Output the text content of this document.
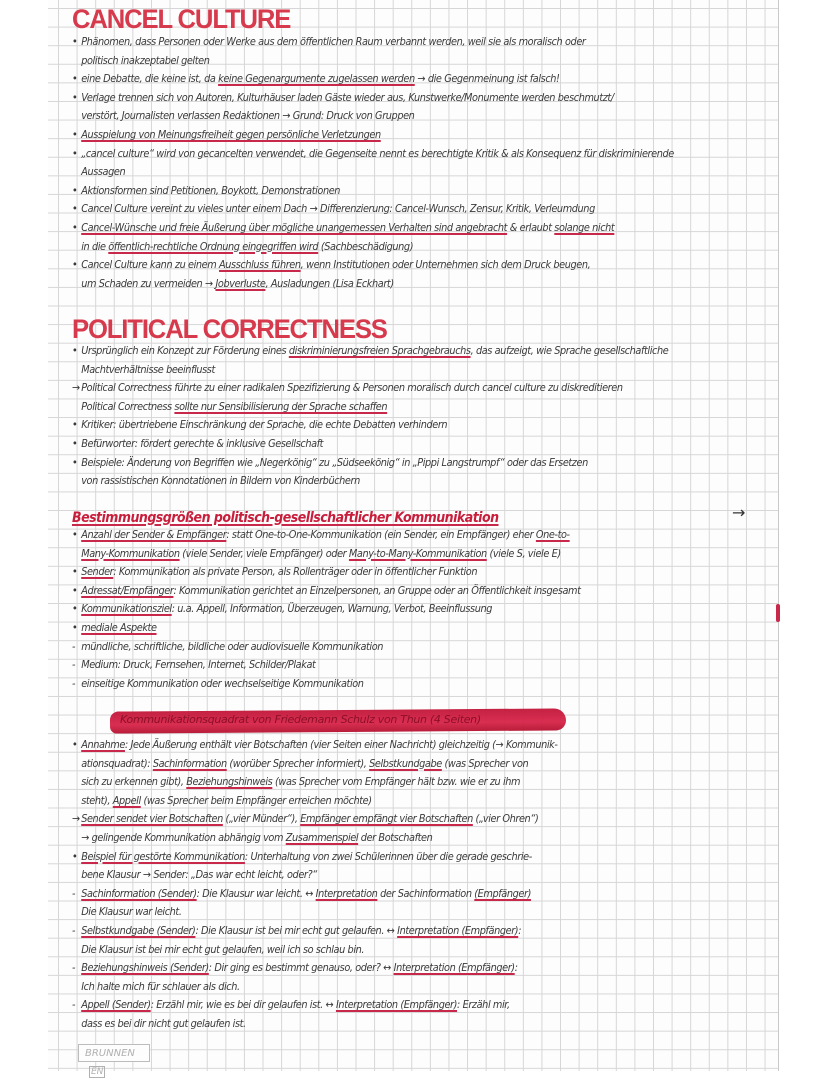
CANCEL CULTURE
• Phänomen, dass Personen oder Werke aus dem öffentlichen Raum verbannt werden, weil sie als moralisch oder
politisch inakzeptabel gelten
• eine Debatte, die keine ist, da keine Gegenargumente zugelassen werden → die Gegenmeinung ist falsch!
• Verlage trennen sich von Autoren, Kulturhäuser laden Gäste wieder aus, Kunstwerke/Monumente werden beschmutzt/
verstört, Journalisten verlassen Redaktionen → Grund: Druck von Gruppen
• Ausspielung von Meinungsfreiheit gegen persönliche Verletzungen
• „cancel culture“ wird von gecancelten verwendet, die Gegenseite nennt es berechtigte Kritik & als Konsequenz für diskriminierende
Aussagen
• Aktionsformen sind Petitionen, Boykott, Demonstrationen
• Cancel Culture vereint zu vieles unter einem Dach → Differenzierung: Cancel-Wunsch, Zensur, Kritik, Verleumdung
• Cancel-Wünsche und freie Äußerung über mögliche unangemessen Verhalten sind angebracht & erlaubt solange nicht
in die öffentlich-rechtliche Ordnung eingegriffen wird (Sachbeschädigung)
• Cancel Culture kann zu einem Ausschluss führen, wenn Institutionen oder Unternehmen sich dem Druck beugen,
um Schaden zu vermeiden → Jobverluste, Ausladungen (Lisa Eckhart)
POLITICAL CORRECTNESS
• Ursprünglich ein Konzept zur Förderung eines diskriminierungsfreien Sprachgebrauchs, das aufzeigt, wie Sprache gesellschaftliche
Machtverhältnisse beeinflusst
→Political Correctness führte zu einer radikalen Spezifizierung & Personen moralisch durch cancel culture zu diskreditieren
Political Correctness sollte nur Sensibilisierung der Sprache schaffen
• Kritiker: übertriebene Einschränkung der Sprache, die echte Debatten verhindern
• Befürworter: fördert gerechte & inklusive Gesellschaft
• Beispiele: Änderung von Begriffen wie „Negerkönig“ zu „Südseekönig“ in „Pippi Langstrumpf“ oder das Ersetzen
von rassistischen Konnotationen in Bildern von Kinderbüchern
Bestimmungsgrößen politisch-gesellschaftlicher Kommunikation	→
• Anzahl der Sender & Empfänger: statt One-to-One-Kommunikation (ein Sender, ein Empfänger) eher One-to-
Many-Kommunikation (viele Sender, viele Empfänger) oder Many-to-Many-Kommunikation (viele S, viele E)
• Sender: Kommunikation als private Person, als Rollenträger oder in öffentlicher Funktion
• Adressat/Empfänger: Kommunikation gerichtet an Einzelpersonen, an Gruppe oder an Öffentlichkeit insgesamt
• Kommunikationsziel: u.a. Appell, Information, Überzeugen, Warnung, Verbot, Beeinflussung
• mediale Aspekte
- mündliche, schriftliche, bildliche oder audiovisuelle Kommunikation
- Medium: Druck, Fernsehen, Internet, Schilder/Plakat
- einseitige Kommunikation oder wechselseitige Kommunikation
• Annahme: Jede Äußerung enthält vier Botschaften (vier Seiten einer Nachricht) gleichzeitig (→ Kommunik-
ationsquadrat): Sachinformation (worüber Sprecher informiert), Selbstkundgabe (was Sprecher von
sich zu erkennen gibt), Beziehungshinweis (was Sprecher vom Empfänger hält bzw. wie er zu ihm
steht), Appell (was Sprecher beim Empfänger erreichen möchte)
→Sender sendet vier Botschaften („vier Münder“), Empfänger empfängt vier Botschaften („vier Ohren“)
→ gelingende Kommunikation abhängig vom Zusammenspiel der Botschaften
• Beispiel für gestörte Kommunikation: Unterhaltung von zwei Schülerinnen über die gerade geschrie-
bene Klausur → Sender: „Das war echt leicht, oder?“
- Sachinformation (Sender): Die Klausur war leicht. ↔ Interpretation der Sachinformation (Empfänger)
Die Klausur war leicht.
- Selbstkundgabe (Sender): Die Klausur ist bei mir echt gut gelaufen. ↔ Interpretation (Empfänger):
Die Klausur ist bei mir echt gut gelaufen, weil ich so schlau bin.
- Beziehungshinweis (Sender): Dir ging es bestimmt genauso, oder? ↔ Interpretation (Empfänger):
Ich halte mich für schlauer als dich.
- Appell (Sender): Erzähl mir, wie es bei dir gelaufen ist. ↔ Interpretation (Empfänger): Erzähl mir,
dass es bei dir nicht gut gelaufen ist.
Kommunikationsquadrat von Friedemann Schulz von Thun (4 Seiten)
BRUNNENEN
